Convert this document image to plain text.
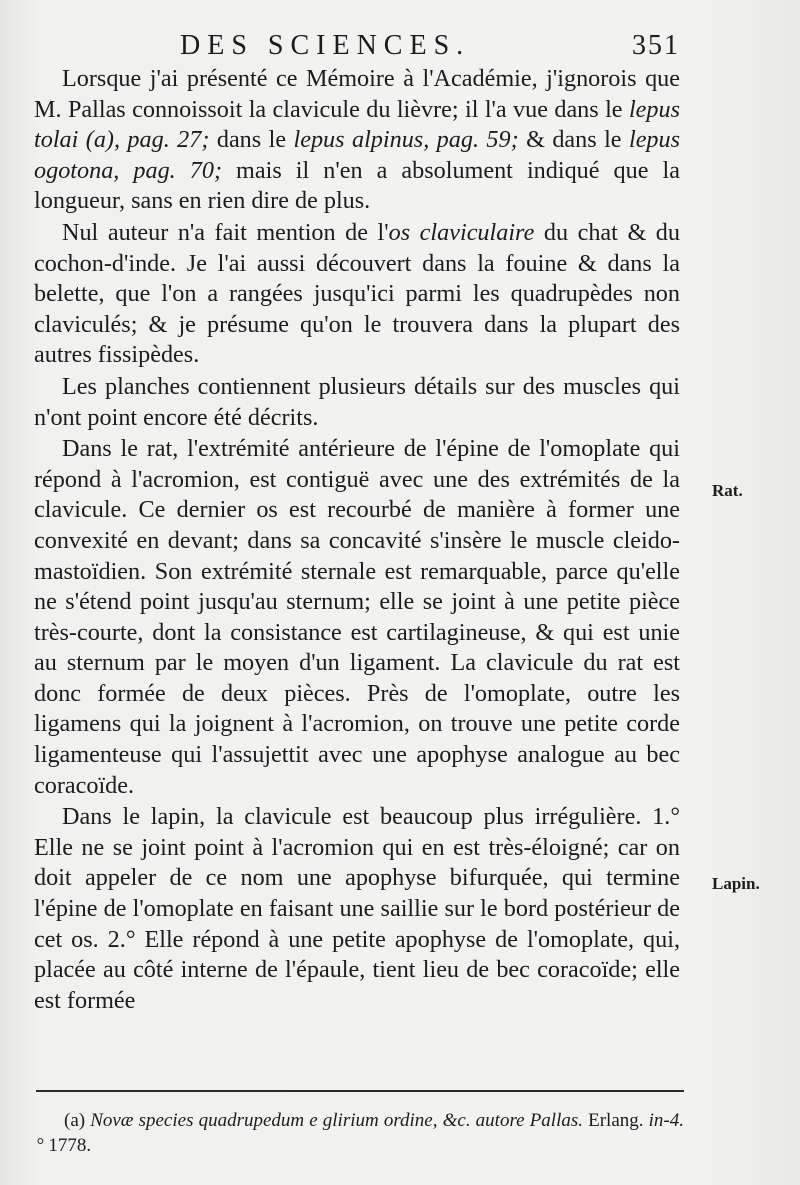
DES SCIENCES.	351

Lorsque j'ai présenté ce Mémoire à l'Académie, j'ignorois que M. Pallas connoissoit la clavicule du lièvre; il l'a vue dans le lepus tolai (a), pag. 27; dans le lepus alpinus, pag. 59; & dans le lepus ogotona, pag. 70; mais il n'en a absolument indiqué que la longueur, sans en rien dire de plus.

Nul auteur n'a fait mention de l'os claviculaire du chat & du cochon-d'inde. Je l'ai aussi découvert dans la fouine & dans la belette, que l'on a rangées jusqu'ici parmi les quadrupèdes non claviculés; & je présume qu'on le trouvera dans la plupart des autres fissipèdes.

Les planches contiennent plusieurs détails sur des muscles qui n'ont point encore été décrits.

Dans le rat, l'extrémité antérieure de l'épine de l'omoplate qui répond à l'acromion, est contiguë avec une des extrémités de la clavicule. Ce dernier os est recourbé de manière à former une convexité en devant; dans sa concavité s'insère le muscle cleido-mastoïdien. Son extrémité sternale est remarquable, parce qu'elle ne s'étend point jusqu'au sternum; elle se joint à une petite pièce très-courte, dont la consistance est cartilagineuse, & qui est unie au sternum par le moyen d'un ligament. La clavicule du rat est donc formée de deux pièces. Près de l'omoplate, outre les ligamens qui la joignent à l'acromion, on trouve une petite corde ligamenteuse qui l'assujettit avec une apophyse analogue au bec coracoïde.

Dans le lapin, la clavicule est beaucoup plus irrégulière. 1.° Elle ne se joint point à l'acromion qui en est très-éloigné; car on doit appeler de ce nom une apophyse bifurquée, qui termine l'épine de l'omoplate en faisant une saillie sur le bord postérieur de cet os. 2.° Elle répond à une petite apophyse de l'omoplate, qui, placée au côté interne de l'épaule, tient lieu de bec coracoïde; elle est formée

Rat.
Lapin.

(a) Novæ species quadrupedum e glirium ordine, &c. autore Pallas. Erlang. in-4.° 1778.
